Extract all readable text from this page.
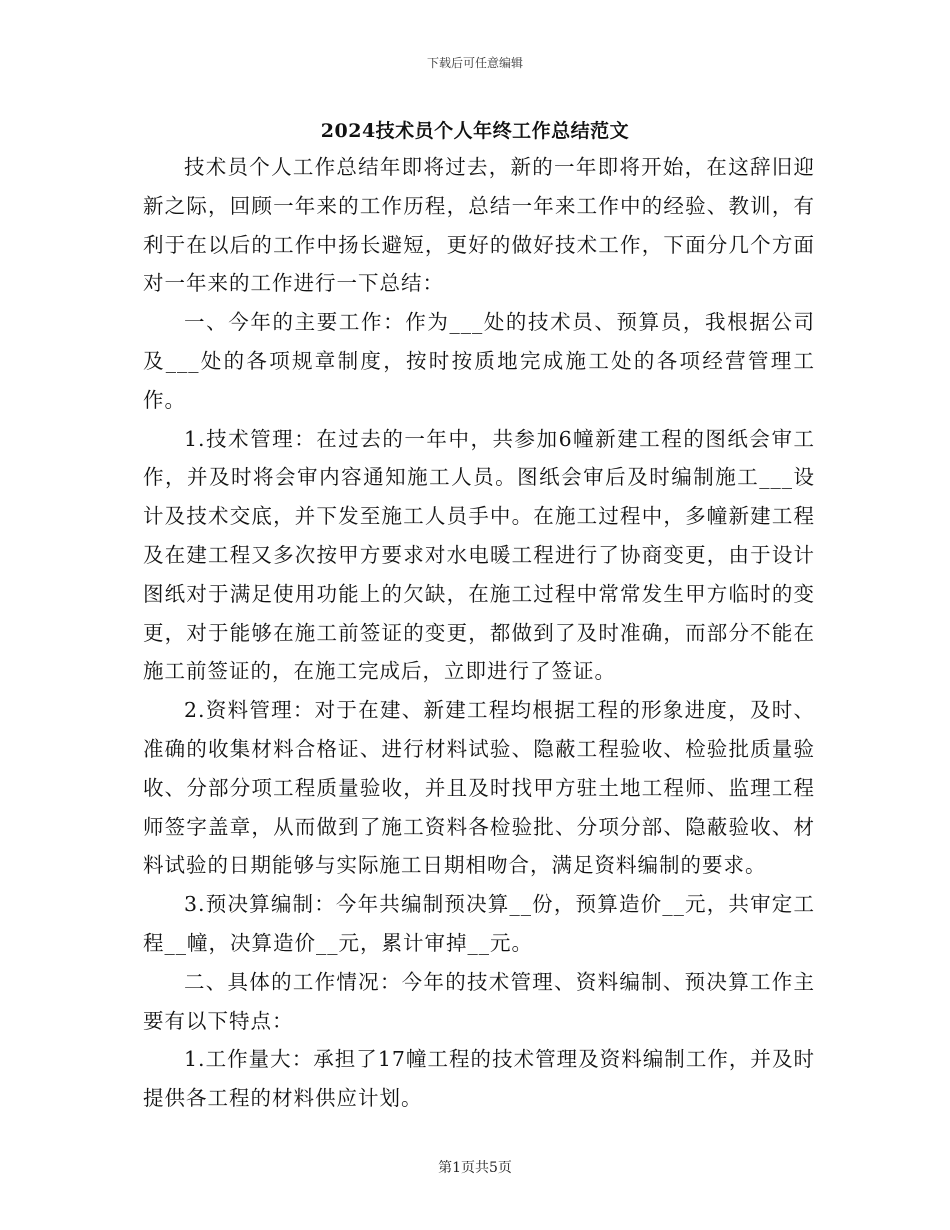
下载后可任意编辑
2024技术员个人年终工作总结范文

技术员个人工作总结年即将过去，新的一年即将开始，在这辞旧迎新之际，回顾一年来的工作历程，总结一年来工作中的经验、教训，有利于在以后的工作中扬长避短，更好的做好技术工作，下面分几个方面对一年来的工作进行一下总结：

一、今年的主要工作：作为___处的技术员、预算员，我根据公司及___处的各项规章制度，按时按质地完成施工处的各项经营管理工作。

1.技术管理：在过去的一年中，共参加6幢新建工程的图纸会审工作，并及时将会审内容通知施工人员。图纸会审后及时编制施工___设计及技术交底，并下发至施工人员手中。在施工过程中，多幢新建工程及在建工程又多次按甲方要求对水电暖工程进行了协商变更，由于设计图纸对于满足使用功能上的欠缺，在施工过程中常常发生甲方临时的变更，对于能够在施工前签证的变更，都做到了及时准确，而部分不能在施工前签证的，在施工完成后，立即进行了签证。

2.资料管理：对于在建、新建工程均根据工程的形象进度，及时、准确的收集材料合格证、进行材料试验、隐蔽工程验收、检验批质量验收、分部分项工程质量验收，并且及时找甲方驻土地工程师、监理工程师签字盖章，从而做到了施工资料各检验批、分项分部、隐蔽验收、材料试验的日期能够与实际施工日期相吻合，满足资料编制的要求。

3.预决算编制：今年共编制预决算__份，预算造价__元，共审定工程__幢，决算造价__元，累计审掉__元。

二、具体的工作情况：今年的技术管理、资料编制、预决算工作主要有以下特点：

1.工作量大：承担了17幢工程的技术管理及资料编制工作，并及时提供各工程的材料供应计划。

第1页共5页
